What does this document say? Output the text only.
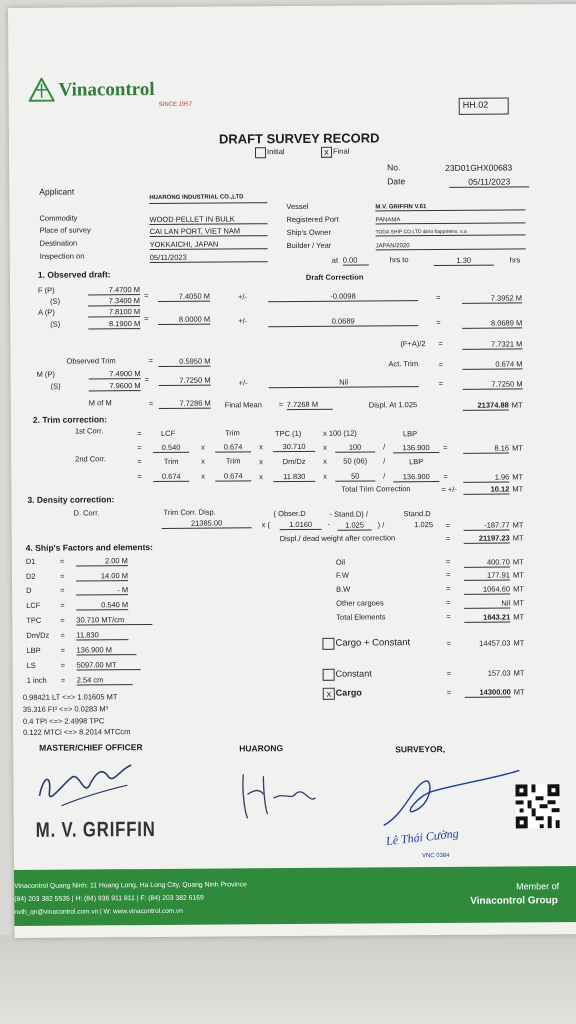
Vinacontrol
SINCE 1957	HH.02
DRAFT SURVEY RECORD
Initial	x Final
No.	23D01GHX00683
Date	05/11/2023
Applicant
HUARONG INDUSTRIAL CO.,LTD
Commodity	WOOD PELLET IN BULK
Place of survey	CAI LAN PORT, VIET NAM
Destination	YOKKAICHI, JAPAN
Inspection on	05/11/2023
Vessel	M.V. GRIFFIN V.61
Registered Port	PANAMA
Ship's Owner	TODA SHIP CO.LTD &trio happiness, s.a
Builder / Year	JAPAN/2020
at 0.00	hrs to	1.30	hrs
1. Observed draft:	Draft Correction
F (P)	7.4700 M
(S)	7.3400 M
=	7.4050 M	+/-	-0.0098	=	7.3952 M
A (P)	7.8100 M
(S)	8.1900 M
=	8.0000 M	+/-	0.0689	=	8.0689 M
(F+A)/2 =	7.7321 M
Observed Trim	=	0.5950 M	Act. Trim	=	0.674 M
M (P)	7.4900 M
(S)	7.9600 M
=	7.7250 M	+/-	Nil	=	7.7250 M
M of M	=	7.7286 M Final Mean = 7.7268 M	Displ. At 1.025	21374.88 MT
2. Trim correction:
1st Corr.	=	LCF	Trim	TPC (1)	x 100 (12)	LBP
=	0.540	x	0.674	x	30.710	x	100	/	136.900	=	8.16 MT
2nd Corr.	=	Trim	x	Trim	x	Dm/Dz	x	50 (06)	/	LBP
=	0.674	x	0.674	x	11.830	x	50	/	136.900	=	1.96 MT
Total Trim Correction	= +/-	10.12 MT
3. Density correction:
D. Corr.	Trim Corr. Disp.
21385.00
( Obser.D	- Stand.D) /	Stand.D
x (	1.0160	-	1.025	) /	1.025	=	-187.77 MT
Displ./ dead weight after correction	=	21197.23 MT
4. Ship's Factors and elements:
D1	=	2.00 M
D2	=	14.00 M
D	=	- M
LCF	=	0.540 M
TPC	= 30.710 MT/cm
Dm/Dz = 11.830
LBP	= 136.900 M
LS	= 5097.00 MT
1 inch = 2.54 cm
0.98421 LT <=> 1.01605 MT
35.316 Ft³ <=> 0.0283 M³
0.4 TPI <=> 2.4998 TPC
0.122 MTCi <=> 8.2014 MTCcm
Oil	=	400.70 MT
F.W	=	177.91 MT
B.W	=	1064.60 MT
Other cargoes	=	Nil MT
Total Elements	=	1643.21 MT
Cargo + Constant	=	14457.03 MT
Constant	=	157.03 MT
x Cargo	=	14300.00 MT
MASTER/CHIEF OFFICER	HUARONG	SURVEYOR,
M. V. GRIFFIN	Lê Thái Cường
VNC 0384
Vinacontrol Quang Ninh: 11 Hoang Long, Ha Long City, Quang Ninh Province
(84) 203 382 5535 | H: (84) 936 911 811 | F: (84) 203 382 6169
nvth_qn@vinacontrol.com.vn | W: www.vinacontrol.com.vn
Member of
Vinacontrol Group
